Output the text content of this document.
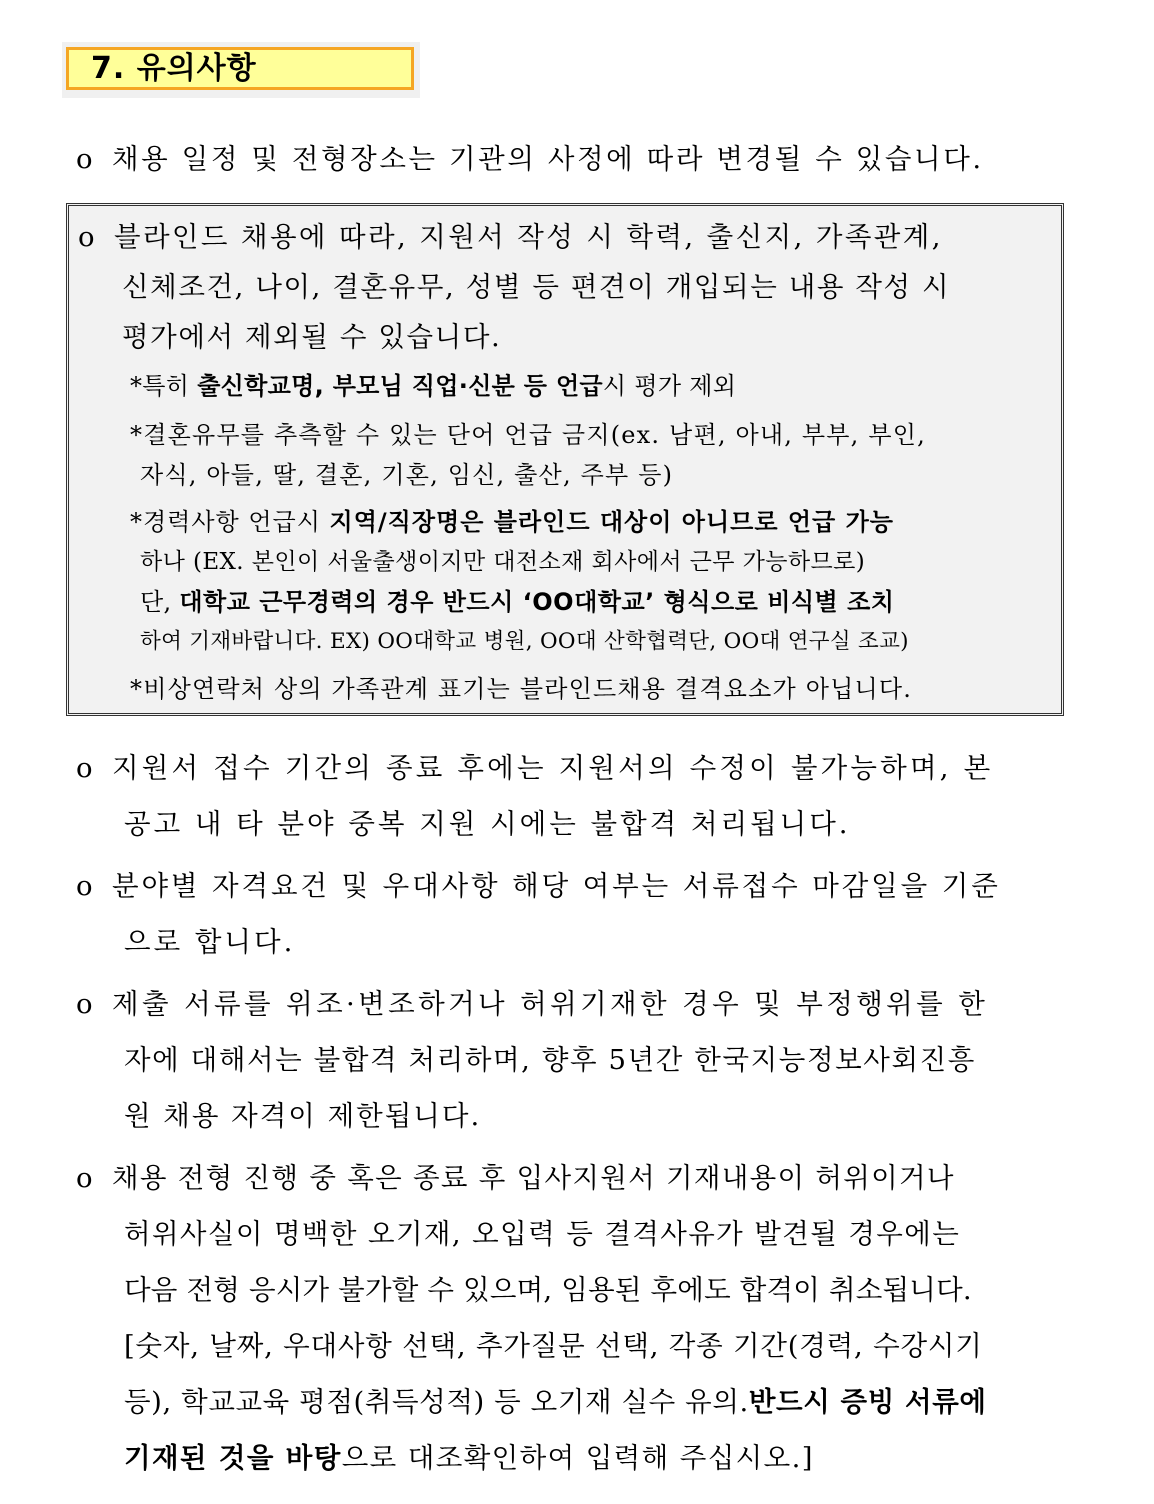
7. 유의사항
o 채용 일정 및 전형장소는 기관의 사정에 따라 변경될 수 있습니다.
o 블라인드 채용에 따라, 지원서 작성 시 학력, 출신지, 가족관계,
신체조건, 나이, 결혼유무, 성별 등 편견이 개입되는 내용 작성 시
평가에서 제외될 수 있습니다.
*특히 출신학교명, 부모님 직업·신분 등 언급시 평가 제외
*결혼유무를 추측할 수 있는 단어 언급 금지(ex. 남편, 아내, 부부, 부인,
자식, 아들, 딸, 결혼, 기혼, 임신, 출산, 주부 등)
*경력사항 언급시 지역/직장명은 블라인드 대상이 아니므로 언급 가능
하나 (EX. 본인이 서울출생이지만 대전소재 회사에서 근무 가능하므로)
단, 대학교 근무경력의 경우 반드시 ‘OO대학교’ 형식으로 비식별 조치
하여 기재바랍니다. EX) OO대학교 병원, OO대 산학협력단, OO대 연구실 조교)
*비상연락처 상의 가족관계 표기는 블라인드채용 결격요소가 아닙니다.
o 지원서 접수 기간의 종료 후에는 지원서의 수정이 불가능하며, 본
공고 내 타 분야 중복 지원 시에는 불합격 처리됩니다.
o 분야별 자격요건 및 우대사항 해당 여부는 서류접수 마감일을 기준
으로 합니다.
o 제출 서류를 위조·변조하거나 허위기재한 경우 및 부정행위를 한
자에 대해서는 불합격 처리하며, 향후 5년간 한국지능정보사회진흥
원 채용 자격이 제한됩니다.
o 채용 전형 진행 중 혹은 종료 후 입사지원서 기재내용이 허위이거나
허위사실이 명백한 오기재, 오입력 등 결격사유가 발견될 경우에는
다음 전형 응시가 불가할 수 있으며, 임용된 후에도 합격이 취소됩니다.
[숫자, 날짜, 우대사항 선택, 추가질문 선택, 각종 기간(경력, 수강시기
등), 학교교육 평점(취득성적) 등 오기재 실수 유의. 반드시 증빙 서류에
기재된 것을 바탕 으로 대조확인하여 입력해 주십시오.]
